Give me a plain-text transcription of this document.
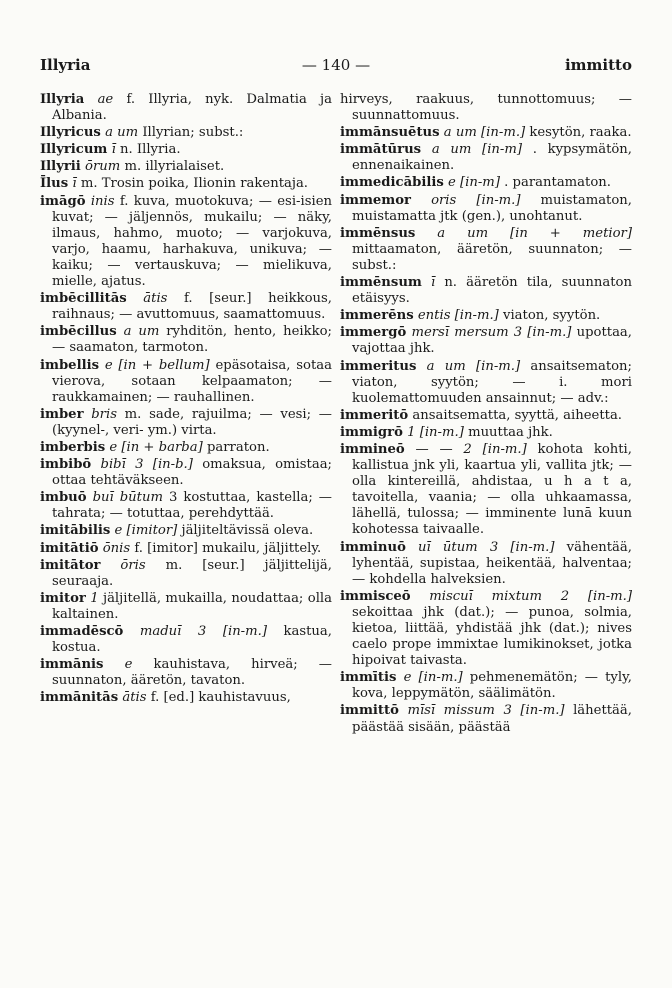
Illyria	— 140 —	immitto

Illyria ae f. Illyria, nyk. Dalmatia ja Albania.

Illyricus a um Illyrian; subst.:

Illyricum ī n. Illyria.

Illyrii ōrum m. illyrialaiset.

Īlus ī m. Trosin poika, Ilionin rakentaja.

imāgō inis f. kuva, muotokuva; — esi-isien kuvat; — jäljennös, mukailu; — näky, ilmaus, hahmo, muoto; — varjokuva, varjo, haamu, harhakuva, unikuva; — kaiku; — vertauskuva; — mielikuva, mielle, ajatus.

imbēcillitās ātis f. [seur.] heikkous, raihnaus; — avuttomuus, saamattomuus.

imbēcillus a um ryhditön, hento, heikko; — saamaton, tarmoton.

imbellis e [in + bellum] epäsotaisa, sotaa vierova, sotaan kelpaamaton; — raukkamainen; — rauhallinen.

imber bris m. sade, rajuilma; — vesi; — (kyynel-, veri- ym.) virta.

imberbis e [in + barba] parraton.

imbibō bibī 3 [in-b.] omaksua, omistaa; ottaa tehtäväkseen.

imbuō buī būtum 3 kostuttaa, kastella; — tahrata; — totuttaa, perehdyttää.

imitābilis e [imitor] jäljiteltävissä oleva.

imitātiō ōnis f. [imitor] mukailu, jäljittely.

imitātor ōris m. [seur.] jäljittelijä, seuraaja.

imitor 1 jäljitellä, mukailla, noudattaa; olla kaltainen.

immadēscō maduī 3 [in-m.] kastua, kostua.

immānis e kauhistava, hirveä; — suunnaton, ääretön, tavaton.

immānitās ātis f. [ed.] kauhistavuus,

hirveys, raakuus, tunnottomuus; — suunnattomuus.

immānsuētus a um [in-m.] kesytön, raaka.

immātūrus a um [in-m] . kypsymätön, ennenaikainen.

immedicābilis e [in-m] . parantamaton.

immemor oris [in-m.] muistamaton, muistamatta jtk (gen.), unohtanut.

immēnsus a um [in + metior] mittaamaton, ääretön, suunnaton; — subst.:

immēnsum ī n. ääretön tila, suunnaton etäisyys.

immerēns entis [in-m.] viaton, syytön.

immergō mersī mersum 3 [in-m.] upottaa, vajottaa jhk.

immeritus a um [in-m.] ansaitsematon; viaton, syytön; — i. mori kuolemattomuuden ansainnut; — adv.:

immeritō ansaitsematta, syyttä, aiheetta.

immigrō 1 [in-m.] muuttaa jhk.

immineō — — 2 [in-m.] kohota kohti, kallistua jnk yli, kaartua yli, vallita jtk; — olla kintereillä, ahdistaa, u h a t a, tavoitella, vaania; — olla uhkaamassa, lähellä, tulossa; — imminente lunā kuun kohotessa taivaalle.

imminuō uī ūtum 3 [in-m.] vähentää, lyhentää, supistaa, heikentää, halventaa; — kohdella halveksien.

immisceō miscuī mixtum 2 [in-m.] sekoittaa jhk (dat.); — punoa, solmia, kietoa, liittää, yhdistää jhk (dat.); nives caelo prope immixtae lumikinokset, jotka hipoivat taivasta.

immītis e [in-m.] pehmenemätön; — tyly, kova, leppymätön, säälimätön.

immittō mīsī missum 3 [in-m.] lähettää, päästää sisään, päästää
